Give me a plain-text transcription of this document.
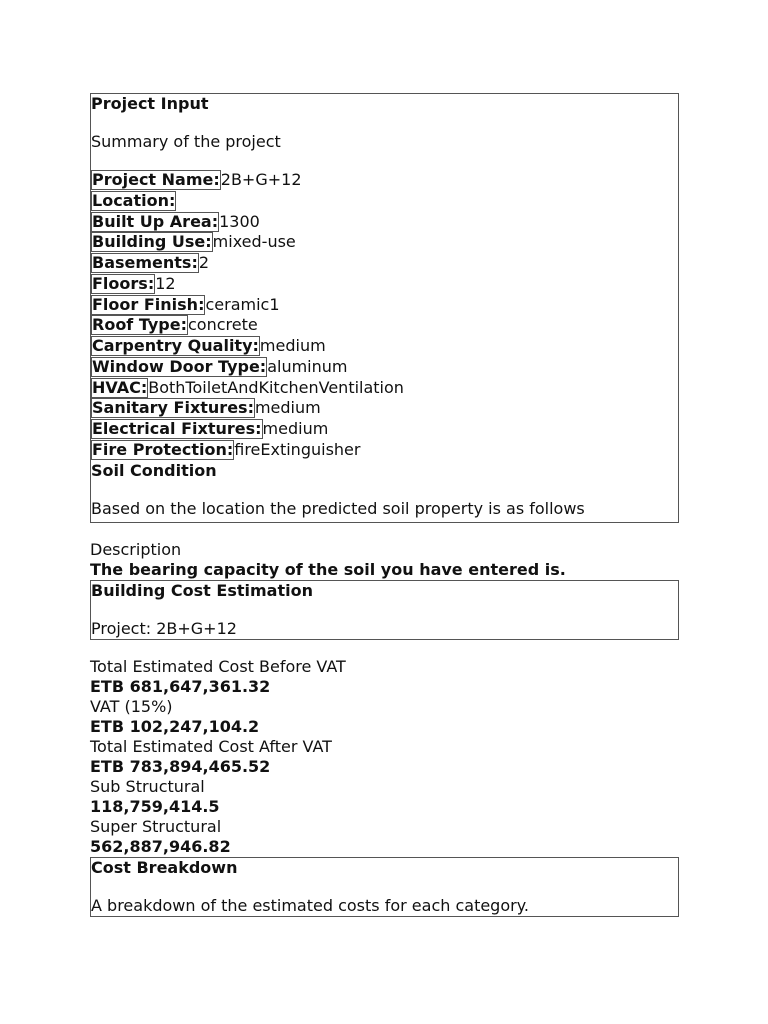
Project Input
Summary of the project
Project Name:2B+G+12
Location:
Built Up Area:1300
Building Use:mixed-use
Basements:2
Floors:12
Floor Finish:ceramic1
Roof Type:concrete
Carpentry Quality:medium
Window Door Type:aluminum
HVAC:BothToiletAndKitchenVentilation
Sanitary Fixtures:medium
Electrical Fixtures:medium
Fire Protection:fireExtinguisher
Soil Condition
Based on the location the predicted soil property is as follows
Description
The bearing capacity of the soil you have entered is.
Building Cost Estimation
Project: 2B+G+12
Total Estimated Cost Before VAT
ETB 681,647,361.32
VAT (15%)
ETB 102,247,104.2
Total Estimated Cost After VAT
ETB 783,894,465.52
Sub Structural
118,759,414.5
Super Structural
562,887,946.82
Cost Breakdown
A breakdown of the estimated costs for each category.
